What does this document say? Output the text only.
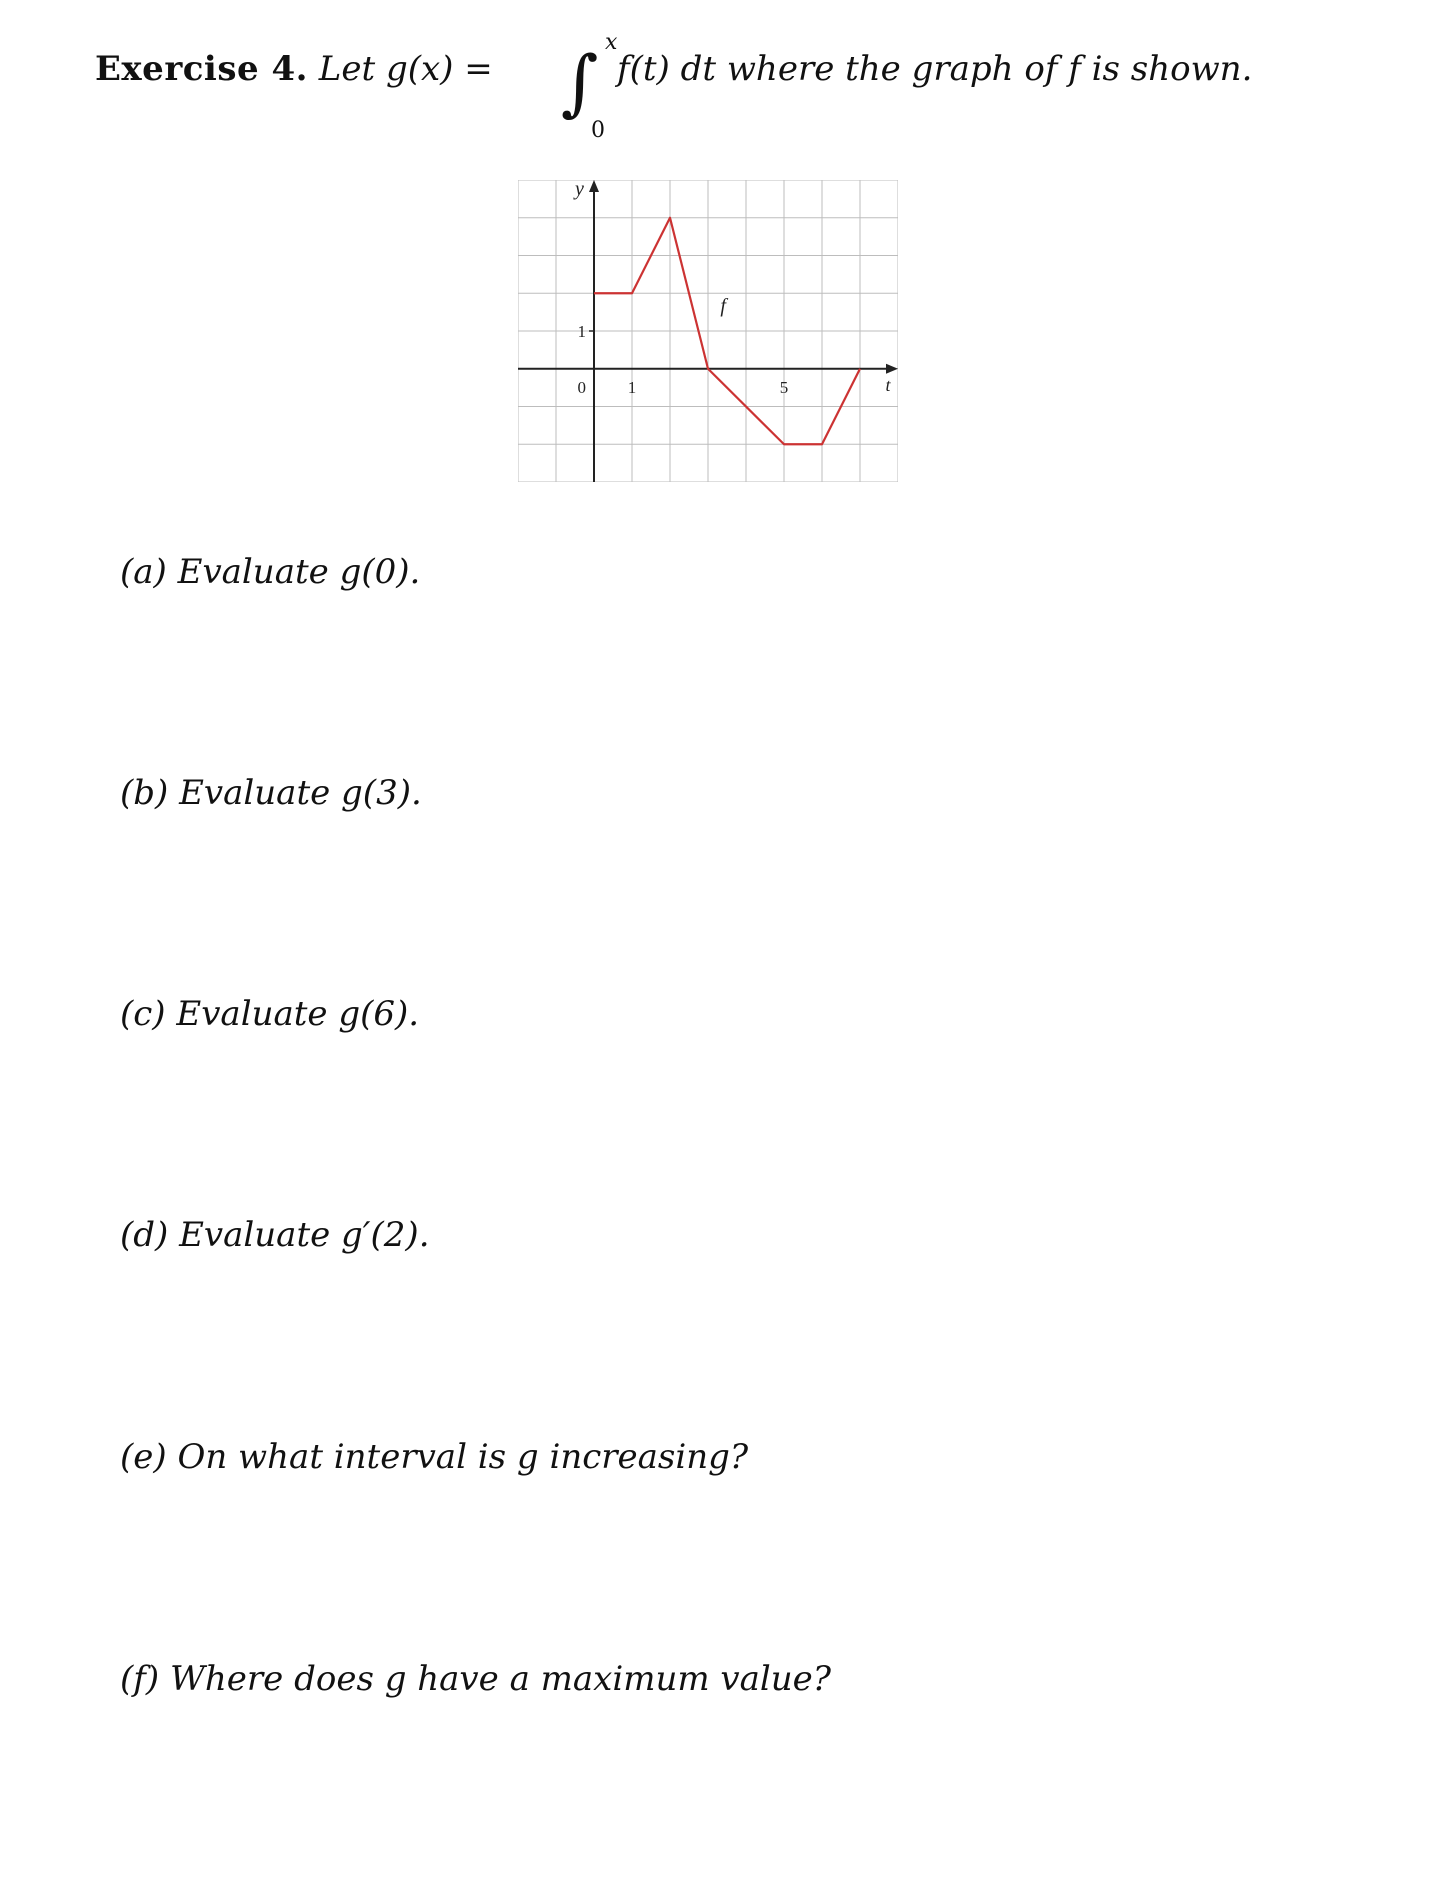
Exercise 4. Let g(x) = ∫ x
0
f(t) dt where the graph of f is shown.
y
t
f
1
0 1	5
(a) Evaluate g(0).
(b) Evaluate g(3).
(c) Evaluate g(6).
(d) Evaluate g′(2).
(e) On what interval is g increasing?
(f) Where does g have a maximum value?
